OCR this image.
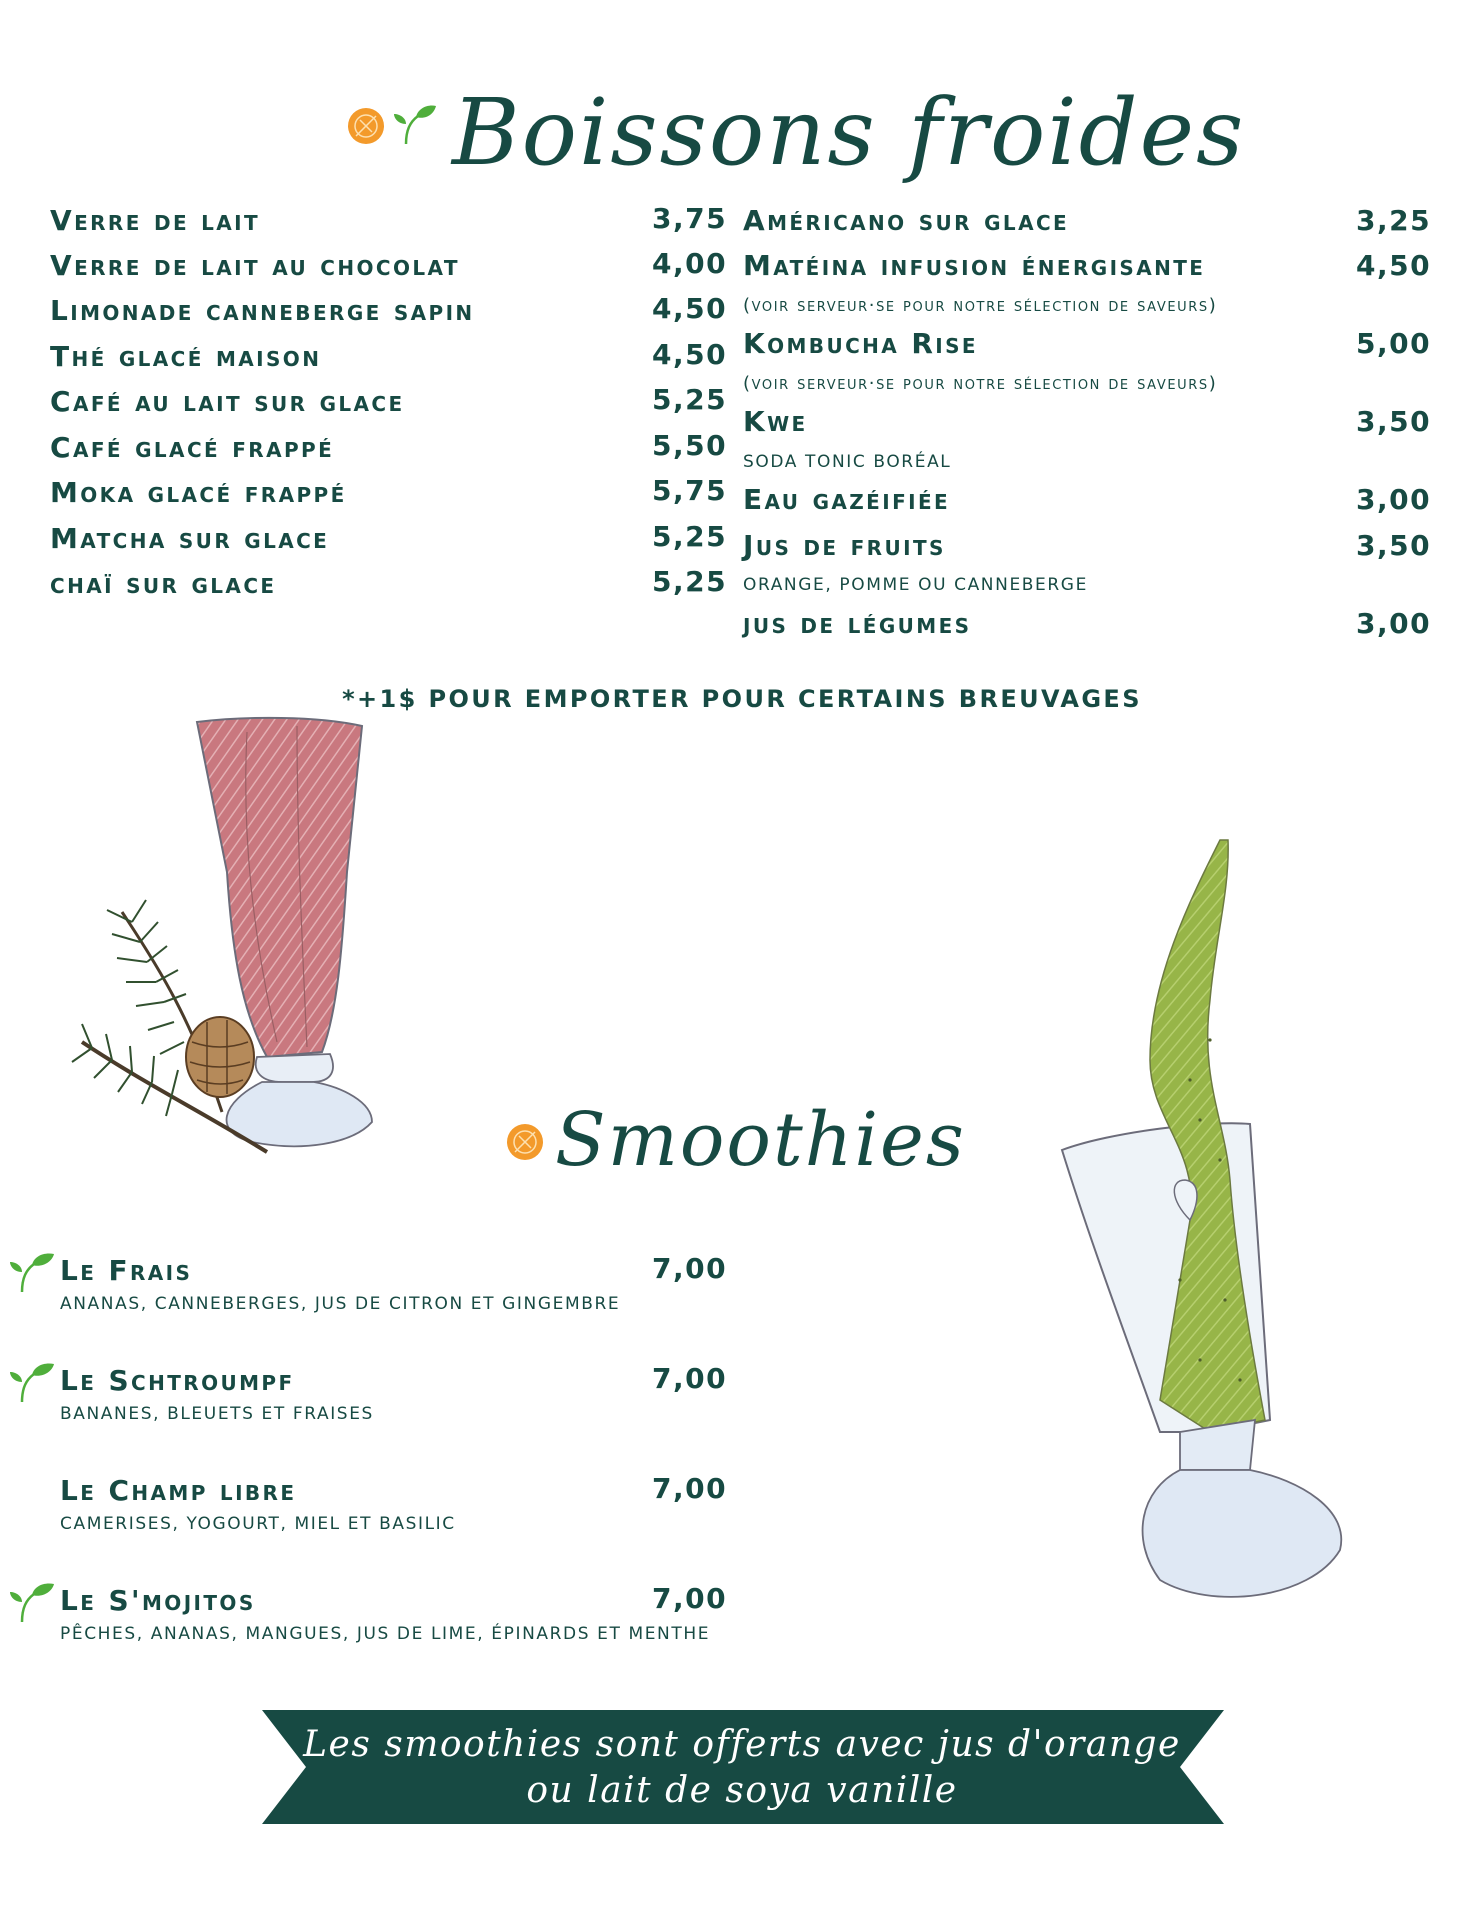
Boissons froides
Verre de lait	3,75
Verre de lait au chocolat	4,00
Limonade canneberge sapin	4,50
Thé glacé maison	4,50
Café au lait sur glace	5,25
Café glacé frappé	5,50
Moka glacé frappé	5,75
Matcha sur glace	5,25
chaï sur glace	5,25
Américano sur glace	3,25
Matéina infusion énergisante	4,50
(voir serveur·se pour notre sélection de saveurs)
Kombucha Rise	5,00
(voir serveur·se pour notre sélection de saveurs)
Kwe	3,50
SODA TONIC BORÉAL
Eau gazéifiée	3,00
Jus de fruits	3,50
ORANGE, POMME OU CANNEBERGE
jus de légumes	3,00
*+1$ POUR EMPORTER POUR CERTAINS BREUVAGES
Smoothies
Le Frais	7,00
ANANAS, CANNEBERGES, JUS DE CITRON ET GINGEMBRE
Le Schtroumpf	7,00
BANANES, BLEUETS ET FRAISES
Le Champ libre	7,00
CAMERISES, YOGOURT, MIEL ET BASILIC
Le S'mojitos	7,00
PÊCHES, ANANAS, MANGUES, JUS DE LIME, ÉPINARDS ET MENTHE
Les smoothies sont offerts avec jus d'orange
ou lait de soya vanille
